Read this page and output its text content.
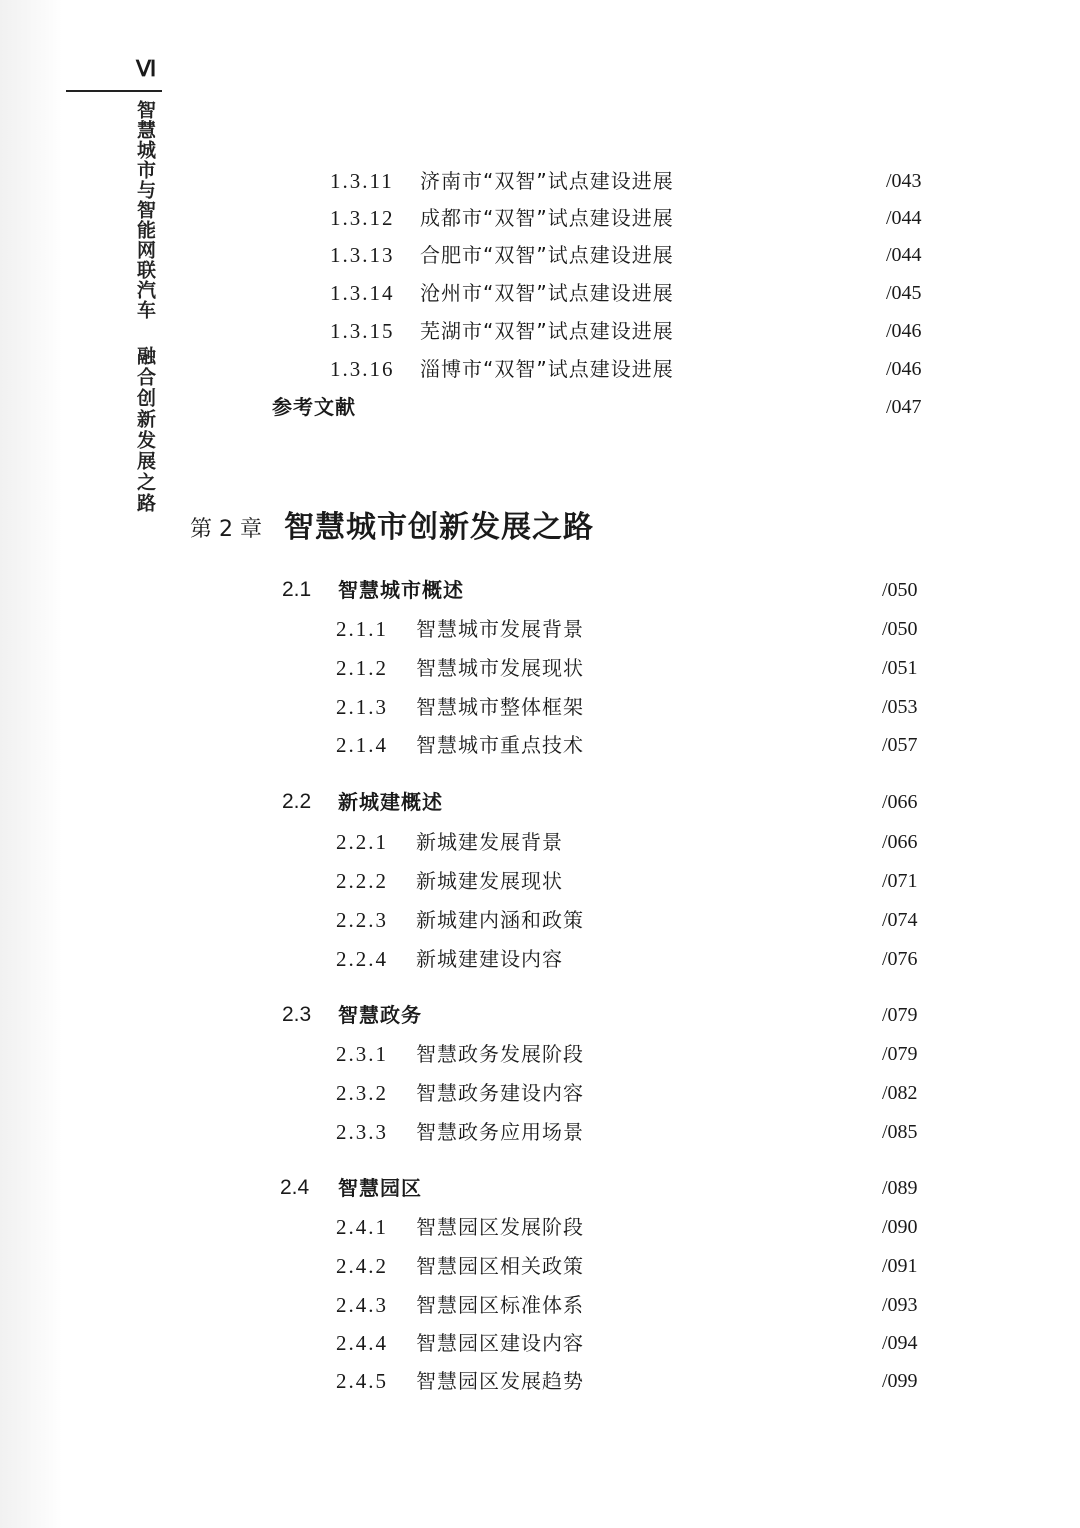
Ⅵ
智慧城市与智能网联汽车
融合创新发展之路
1.3.11 济南市“双智”试点建设进展	/043
1.3.12 成都市“双智”试点建设进展	/044
1.3.13 合肥市“双智”试点建设进展	/044
1.3.14 沧州市“双智”试点建设进展	/045
1.3.15 芜湖市“双智”试点建设进展	/046
1.3.16 淄博市“双智”试点建设进展	/046
参考文献	/047
第 2 章 智慧城市创新发展之路
2.1 智慧城市概述	/050
2.1.1 智慧城市发展背景	/050
2.1.2 智慧城市发展现状	/051
2.1.3 智慧城市整体框架	/053
2.1.4 智慧城市重点技术	/057
2.2 新城建概述	/066
2.2.1 新城建发展背景	/066
2.2.2 新城建发展现状	/071
2.2.3 新城建内涵和政策	/074
2.2.4 新城建建设内容	/076
2.3 智慧政务	/079
2.3.1 智慧政务发展阶段	/079
2.3.2 智慧政务建设内容	/082
2.3.3 智慧政务应用场景	/085
2.4 智慧园区	/089
2.4.1 智慧园区发展阶段	/090
2.4.2 智慧园区相关政策	/091
2.4.3 智慧园区标准体系	/093
2.4.4 智慧园区建设内容	/094
2.4.5 智慧园区发展趋势	/099
